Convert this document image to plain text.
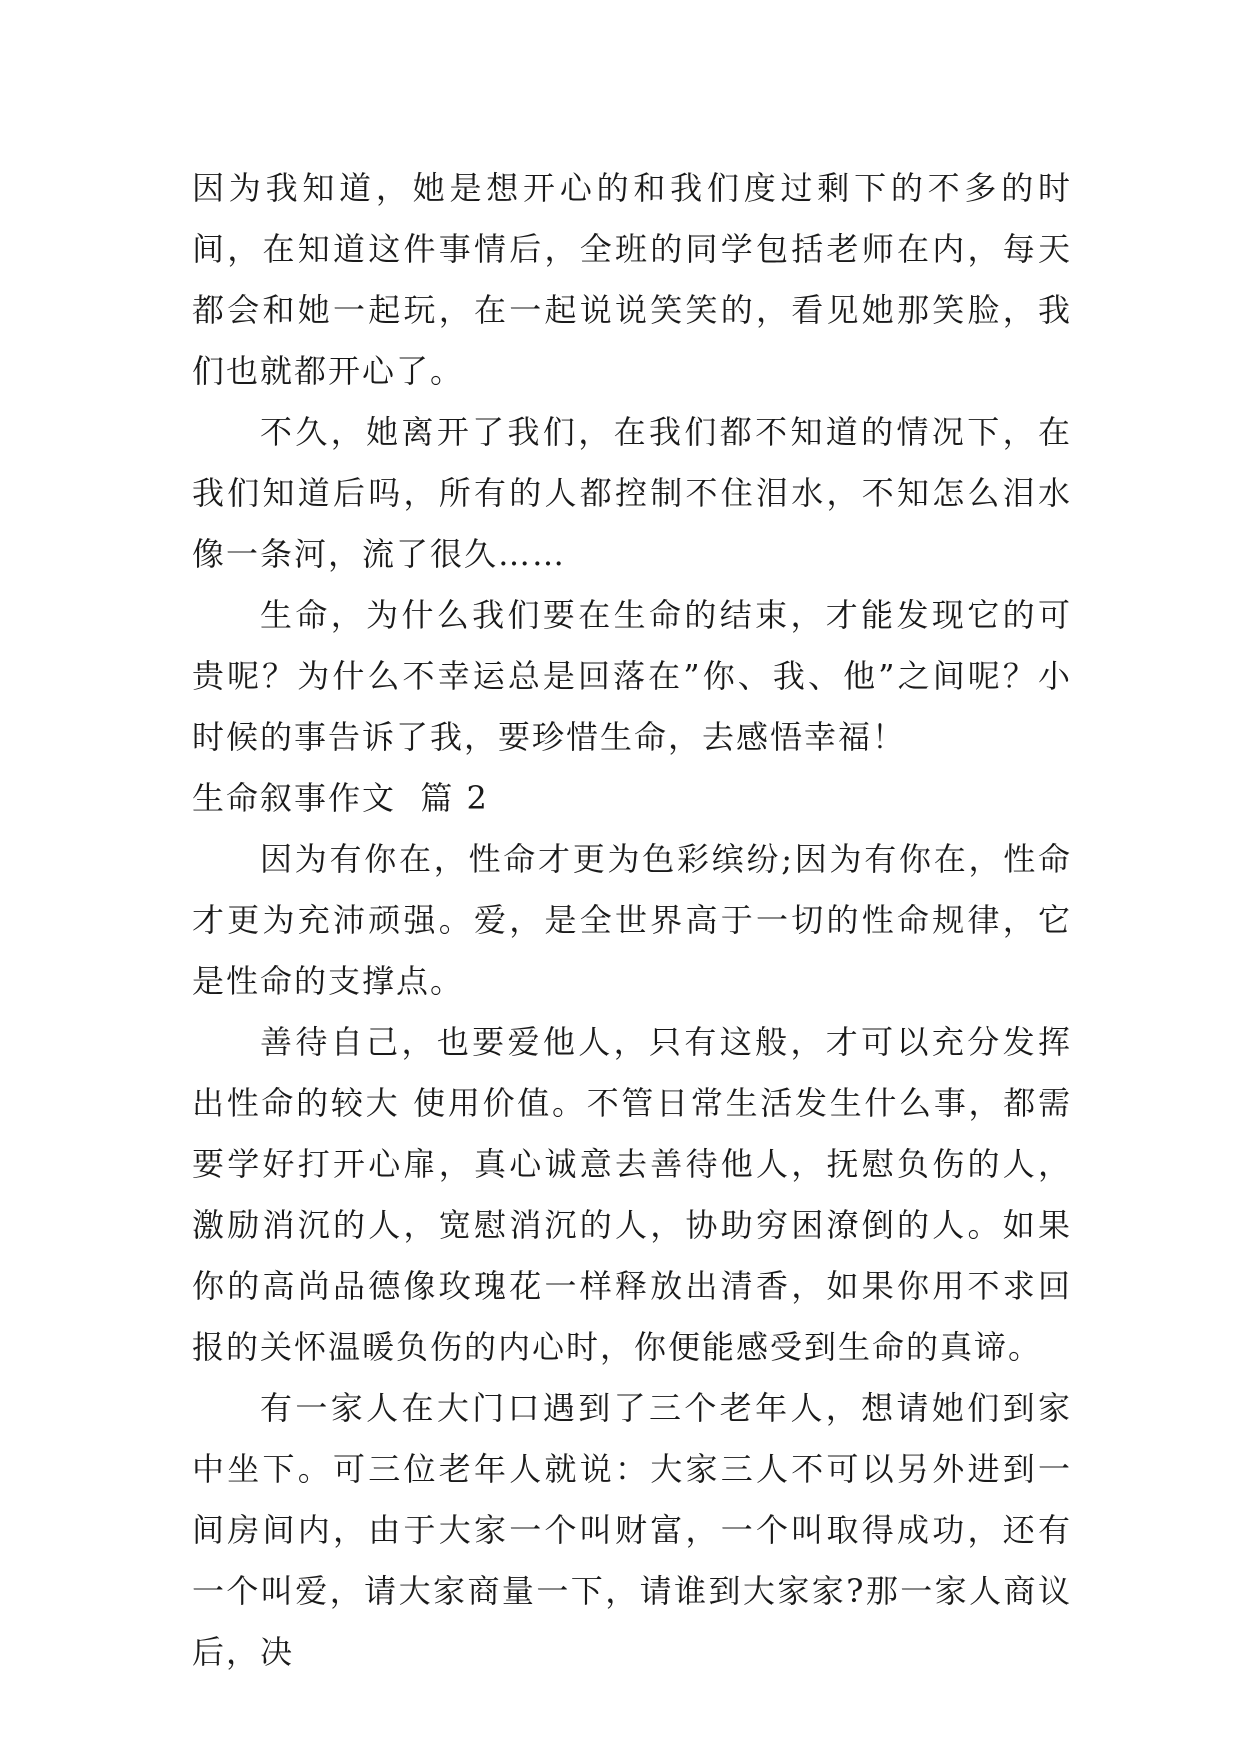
因为我知道，她是想开心的和我们度过剩下的不多的时间，在知道这件事情后，全班的同学包括老师在内，每天都会和她一起玩，在一起说说笑笑的，看见她那笑脸，我们也就都开心了。

不久，她离开了我们，在我们都不知道的情况下，在我们知道后吗，所有的人都控制不住泪水，不知怎么泪水像一条河，流了很久……

生命，为什么我们要在生命的结束，才能发现它的可贵呢？为什么不幸运总是回落在”你、我、他”之间呢？小时候的事告诉了我，要珍惜生命，去感悟幸福！

生命叙事作文  篇 2

因为有你在，性命才更为色彩缤纷;因为有你在，性命才更为充沛顽强。爱，是全世界高于一切的性命规律，它是性命的支撑点。

善待自己，也要爱他人，只有这般，才可以充分发挥出性命的较大 使用价值。不管日常生活发生什么事，都需要学好打开心扉，真心诚意去善待他人，抚慰负伤的人，激励消沉的人，宽慰消沉的人，协助穷困潦倒的人。如果你的高尚品德像玫瑰花一样释放出清香，如果你用不求回报的关怀温暖负伤的内心时，你便能感受到生命的真谛。

有一家人在大门口遇到了三个老年人，想请她们到家中坐下。可三位老年人就说：大家三人不可以另外进到一间房间内，由于大家一个叫财富，一个叫取得成功，还有一个叫爱，请大家商量一下，请谁到大家家?那一家人商议后，决
